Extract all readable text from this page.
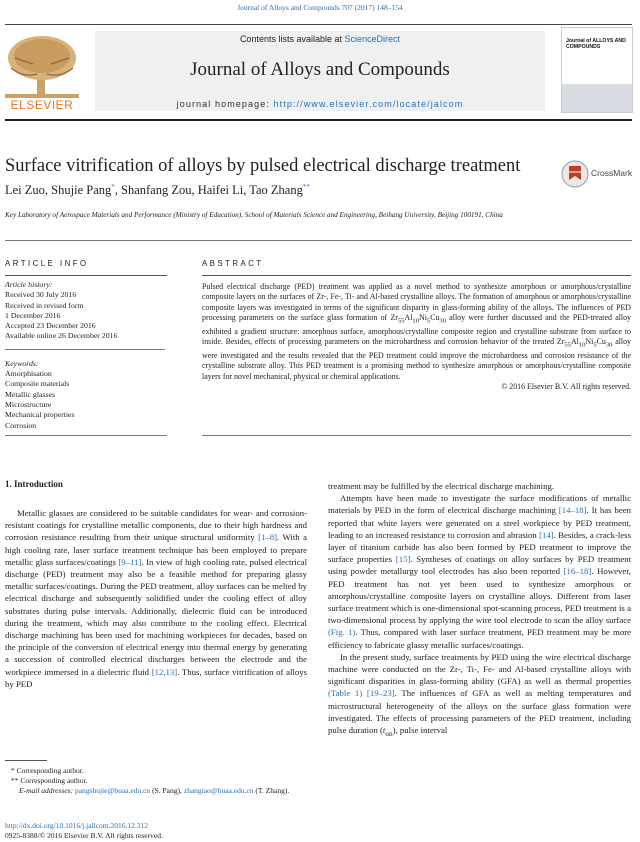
Journal of Alloys and Compounds 707 (2017) 148–154
ELSEVIER
Contents lists available at ScienceDirect
Journal of Alloys and Compounds
journal homepage: http://www.elsevier.com/locate/jalcom
Journal of ALLOYS AND COMPOUNDS
Surface vitrification of alloys by pulsed electrical discharge treatment
Lei Zuo, Shujie Pang*, Shanfang Zou, Haifei Li, Tao Zhang**
Key Laboratory of Aerospace Materials and Performance (Ministry of Education), School of Materials Science and Engineering, Beihang University, Beijing 100191, China
CrossMark
ARTICLE INFO
Article history:
Received 30 July 2016
Received in revised form
1 December 2016
Accepted 23 December 2016
Available online 26 December 2016
Keywords:
Amorphisation
Composite materials
Metallic glasses
Microstructure
Mechanical properties
Corrosion
ABSTRACT
Pulsed electrical discharge (PED) treatment was applied as a novel method to synthesize amorphous or amorphous/crystalline composite layers on the surfaces of Zr-, Fe-, Ti- and Al-based crystalline alloys. The formation of amorphous or amorphous/crystalline composite layers was investigated in terms of the significant disparity in glass-forming ability of the alloys. The influences of PED processing parameters on the surface glass formation of $Zr_{55}Al_{10}Ni_5Cu_{30}$ alloy were further discussed and the PED-treated alloy exhibited a gradient structure: amorphous surface, amorphous/crystalline composite region and crystalline substrate from surface to inside. Besides, effects of processing parameters on the microhardness and corrosion behavior of the treated $Zr_{55}Al_{10}Ni_5Cu_{30}$ alloy were investigated and the results revealed that the PED treatment could improve the microhardness and corrosion resistance of the crystalline substrate alloy. This PED treatment is a promising method to synthesize amorphous or amorphous/crystalline composite layers for novel mechanical, physical or chemical applications.
© 2016 Elsevier B.V. All rights reserved.
1. Introduction

Metallic glasses are considered to be suitable candidates for wear- and corrosion-resistant coatings for crystalline metallic components, due to their high hardness and corrosion resistance resulting from their unique structural uniformity [1–8]. With a high cooling rate, laser surface treatment technique has been employed to prepare metallic glass surfaces/coatings [9–11]. In view of high cooling rate, pulsed electrical discharge (PED) treatment may also be a feasible method for preparing glassy metallic surfaces/coatings. During the PED treatment, alloy surfaces can be melted by electrical discharge and subsequently solidified under the cooling effect of alloy substrates during pulse intervals. Additionally, dielectric fluid can be introduced during the treatment, which may also contribute to the cooling effect. Electrical discharge machining has been used for machining workpieces for decades, based on the principle of the conversion of electrical energy into thermal energy by generating a succession of controlled electrical discharges between the electrode and the workpiece immersed in a dielectric fluid [12,13]. Thus, surface vitrification of alloys by PED

treatment may be fulfilled by the electrical discharge machining.

Attempts have been made to investigate the surface modifications of metallic materials by PED in the form of electrical discharge machining [14–18]. It has been reported that white layers were generated on a steel workpiece by PED treatment, leading to an increased resistance to corrosion and abrasion [14]. Besides, a crack-less layer of titanium carbide has also been formed by PED treatment to improve the surface properties [15]. Syntheses of coatings on alloy surfaces by PED treatment using powder metallurgy tool electrodes has also been reported [16–18]. However, PED treatment has not yet been used to synthesize amorphous or amorphous/crystalline composite layers on crystalline alloys. Different from laser surface treatment which is one-dimensional spot-scanning process, PED treatment is a two-dimensional process by applying the wire tool electrode to scan the alloy surface (Fig. 1). Thus, compared with laser surface treatment, PED treatment may be more efficiency to fabricate glassy metallic surfaces/coatings.

In the present study, surface treatments by PED using the wire electrical discharge machine were conducted on the Zr-, Ti-, Fe- and Al-based crystalline alloys with significant disparities in glass-forming ability (GFA) as well as thermal properties (Table 1) [19–23]. The influences of GFA as well as melting temperatures and microstructural heterogeneity of the alloys on the surface glass formation were investigated. The effects of processing parameters of the PED treatment, including pulse duration $(t_{on})$, pulse interval

* Corresponding author.
** Corresponding author.
E-mail addresses: pangshujie@buaa.edu.cn (S. Pang), zhangtao@buaa.edu.cn (T. Zhang).
http://dx.doi.org/10.1016/j.jallcom.2016.12.312
0925-8388/© 2016 Elsevier B.V. All rights reserved.
